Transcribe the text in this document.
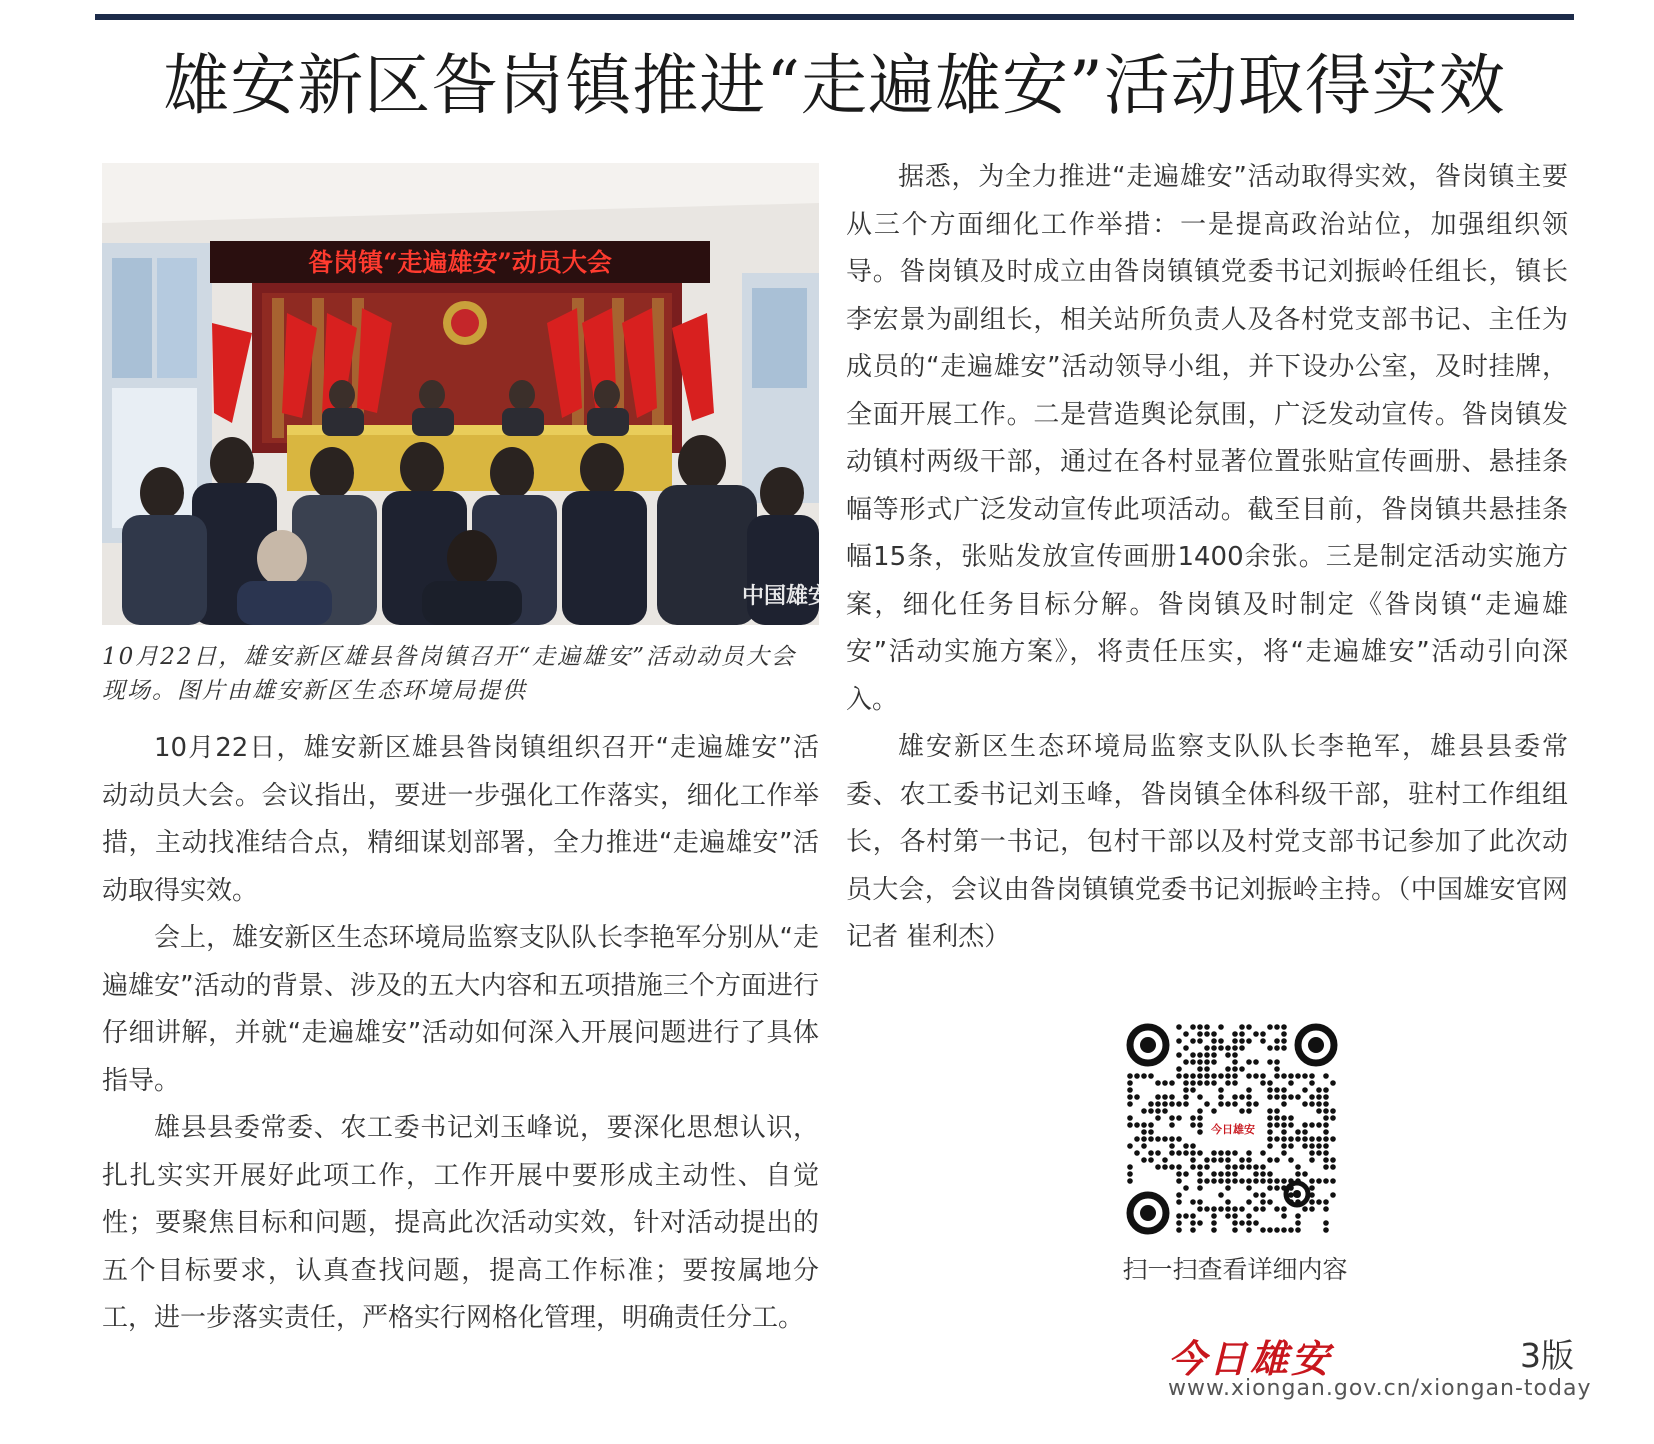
雄安新区昝岗镇推进“走遍雄安”活动取得实效
昝岗镇“走遍雄安”动员大会
中国雄安
10月22日，雄安新区雄县昝岗镇召开“走遍雄安”活动动员大会现场。图片由雄安新区生态环境局提供

10月22日，雄安新区雄县昝岗镇组织召开“走遍雄安”活动动员大会。会议指出，要进一步强化工作落实，细化工作举措，主动找准结合点，精细谋划部署，全力推进“走遍雄安”活动取得实效。

会上，雄安新区生态环境局监察支队队长李艳军分别从“走遍雄安”活动的背景、涉及的五大内容和五项措施三个方面进行仔细讲解，并就“走遍雄安”活动如何深入开展问题进行了具体指导。

雄县县委常委、农工委书记刘玉峰说，要深化思想认识，扎扎实实开展好此项工作，工作开展中要形成主动性、自觉性；要聚焦目标和问题，提高此次活动实效，针对活动提出的五个目标要求，认真查找问题，提高工作标准；要按属地分工，进一步落实责任，严格实行网格化管理，明确责任分工。

据悉，为全力推进“走遍雄安”活动取得实效，昝岗镇主要从三个方面细化工作举措：一是提高政治站位，加强组织领导。昝岗镇及时成立由昝岗镇镇党委书记刘振岭任组长，镇长李宏景为副组长，相关站所负责人及各村党支部书记、主任为成员的“走遍雄安”活动领导小组，并下设办公室，及时挂牌，全面开展工作。二是营造舆论氛围，广泛发动宣传。昝岗镇发动镇村两级干部，通过在各村显著位置张贴宣传画册、悬挂条幅等形式广泛发动宣传此项活动。截至目前，昝岗镇共悬挂条幅15条，张贴发放宣传画册1400余张。三是制定活动实施方案，细化任务目标分解。昝岗镇及时制定《昝岗镇“走遍雄安”活动实施方案》，将责任压实，将“走遍雄安”活动引向深入。

雄安新区生态环境局监察支队队长李艳军，雄县县委常委、农工委书记刘玉峰，昝岗镇全体科级干部，驻村工作组组长，各村第一书记，包村干部以及村党支部书记参加了此次动员大会，会议由昝岗镇镇党委书记刘振岭主持。（中国雄安官网记者 崔利杰）

今日雄安
扫一扫查看详细内容
今日雄安	3版
www.xiongan.gov.cn/xiongan-today
